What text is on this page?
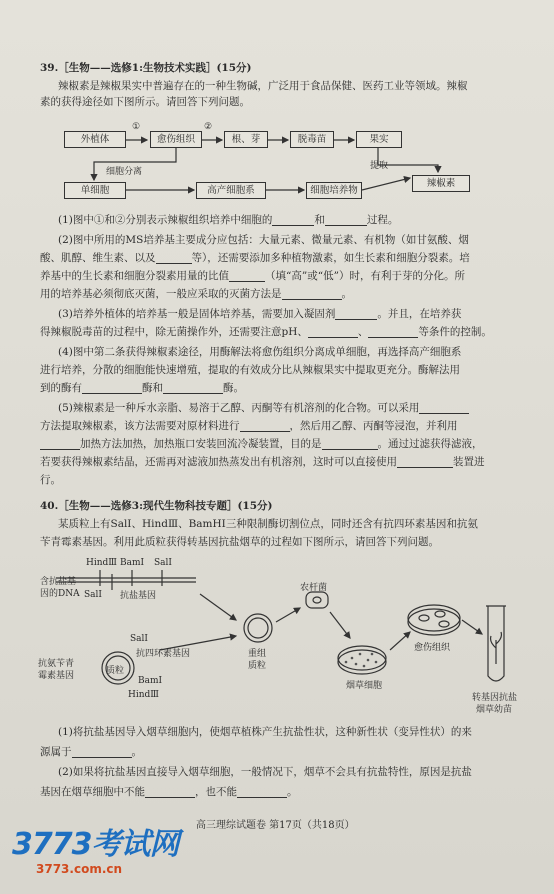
39.［生物——选修1:生物技术实践］(15分)
辣椒素是辣椒果实中普遍存在的一种生物碱，广泛用于食品保健、医药工业等领域。辣椒
素的获得途径如下图所示。请回答下列问题。
外植体
①
愈伤组织
②
根、芽	脱毒苗	果实
细胞分离
提取
辣椒素
单细胞	高产细胞系	细胞培养物
(1)图中①和②分别表示辣椒组织培养中细胞的	和	过程。
(2)图中所用的MS培养基主要成分应包括：大量元素、微量元素、有机物（如甘氨酸、烟
酸、肌醇、维生素、以及	等），还需要添加多种植物激素，如生长素和细胞分裂素。培
养基中的生长素和细胞分裂素用量的比值	（填“高”或“低”）时，有利于芽的分化。所
用的培养基必须彻底灭菌，一般应采取的灭菌方法是	。
(3)培养外植体的培养基一般是固体培养基，需要加入凝固剂	。并且，在培养获
得辣椒脱毒苗的过程中，除无菌操作外，还需要注意pH、	、	等条件的控制。
(4)图中第二条获得辣椒素途径，用酶解法将愈伤组织分离成单细胞，再选择高产细胞系
进行培养，分散的细胞能快速增殖，提取的有效成分比从辣椒果实中提取更充分。酶解法用
到的酶有	酶和	酶。
(5)辣椒素是一种斥水亲脂、易溶于乙醇、丙酮等有机溶剂的化合物。可以采用
方法提取辣椒素，该方法需要对原材料进行	，然后用乙醇、丙酮等浸泡，并利用
加热方法加热，加热瓶口安装回流冷凝装置，目的是	。通过过滤获得滤液，
若要获得辣椒素结晶，还需再对滤液加热蒸发出有机溶剂，这时可以直接使用	装置进
行。
40.［生物——选修3:现代生物科技专题］(15分)
某质粒上有SalⅠ、HindⅢ、BamHⅠ三种限制酶切割位点，同时还含有抗四环素基因和抗氨
苄青霉素基因。利用此质粒获得转基因抗盐烟草的过程如下图所示，请回答下列问题。
含抗盐基
因的DNA
HindⅢ BamⅠ SalⅠ
SalⅠ 抗盐基因
SalⅠ
抗四环素基因
抗氨苄青
霉素基因	质粒
BamⅠ
HindⅢ
重组
质粒
农杆菌
烟草细胞
愈伤组织
转基因抗盐
烟草幼苗
(1)将抗盐基因导入烟草细胞内，使烟草植株产生抗盐性状，这种新性状（变异性状）的来
源属于	。
(2)如果将抗盐基因直接导入烟草细胞，一般情况下，烟草不会具有抗盐特性，原因是抗盐
基因在烟草细胞中不能	，也不能	。
高三理综试题卷 第17页（共18页）
3773考试网
3773.com.cn
